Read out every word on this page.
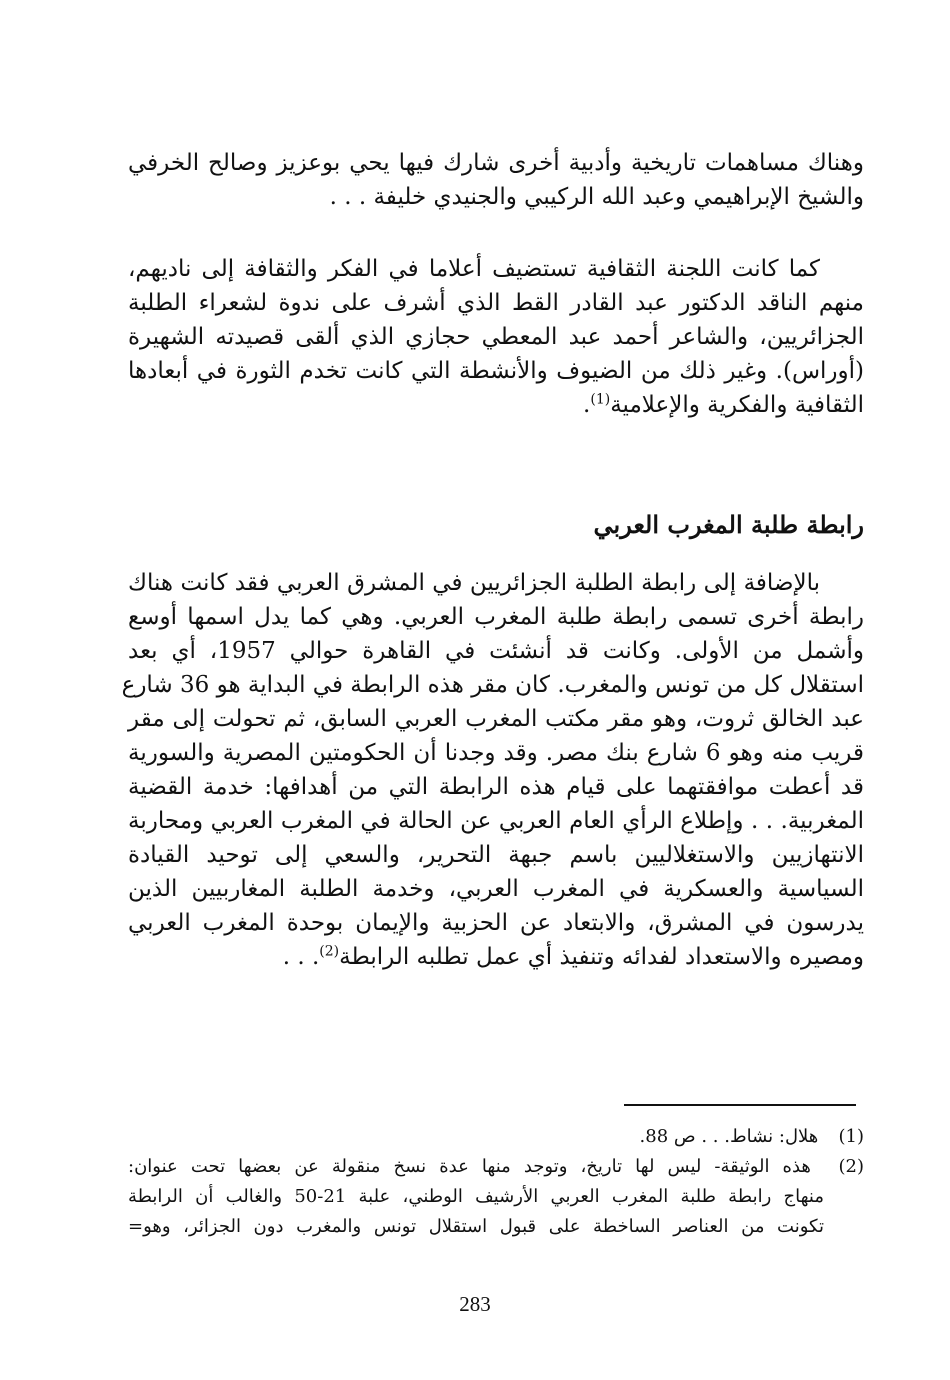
وهناك مساهمات تاريخية وأدبية أخرى شارك فيها يحي بوعزيز وصالح الخرفي
والشيخ الإبراهيمي وعبد الله الركيبي والجنيدي خليفة . . .
كما كانت اللجنة الثقافية تستضيف أعلاما في الفكر والثقافة إلى ناديهم،
منهم الناقد الدكتور عبد القادر القط الذي أشرف على ندوة لشعراء الطلبة
الجزائريين، والشاعر أحمد عبد المعطي حجازي الذي ألقى قصيدته الشهيرة
(أوراس). وغير ذلك من الضيوف والأنشطة التي كانت تخدم الثورة في أبعادها
الثقافية والفكرية والإعلامية$^{(1)}$.
رابطة طلبة المغرب العربي
بالإضافة إلى رابطة الطلبة الجزائريين في المشرق العربي فقد كانت هناك
رابطة أخرى تسمى رابطة طلبة المغرب العربي. وهي كما يدل اسمها أوسع
وأشمل من الأولى. وكانت قد أنشئت في القاهرة حوالي 1957، أي بعد
استقلال كل من تونس والمغرب. كان مقر هذه الرابطة في البداية هو 36 شارع
عبد الخالق ثروت، وهو مقر مكتب المغرب العربي السابق، ثم تحولت إلى مقر
قريب منه وهو 6 شارع بنك مصر. وقد وجدنا أن الحكومتين المصرية والسورية
قد أعطت موافقتهما على قيام هذه الرابطة التي من أهدافها: خدمة القضية
المغربية. . . وإطلاع الرأي العام العربي عن الحالة في المغرب العربي ومحاربة
الانتهازيين والاستغلاليين باسم جبهة التحرير، والسعي إلى توحيد القيادة
السياسية والعسكرية في المغرب العربي، وخدمة الطلبة المغاربيين الذين
يدرسون في المشرق، والابتعاد عن الحزبية والإيمان بوحدة المغرب العربي
ومصيره والاستعداد لفدائه وتنفيذ أي عمل تطلبه الرابطة$^{(2)}$. . .
(1) هلال: نشاط. . . ص 88.
(2) هذه الوثيقة- ليس لها تاريخ، وتوجد منها عدة نسخ منقولة عن بعضها تحت عنوان:
منهاج رابطة طلبة المغرب العربي الأرشيف الوطني، علبة 21-50 والغالب أن الرابطة
تكونت من العناصر الساخطة على قبول استقلال تونس والمغرب دون الجزائر، وهو=
283
